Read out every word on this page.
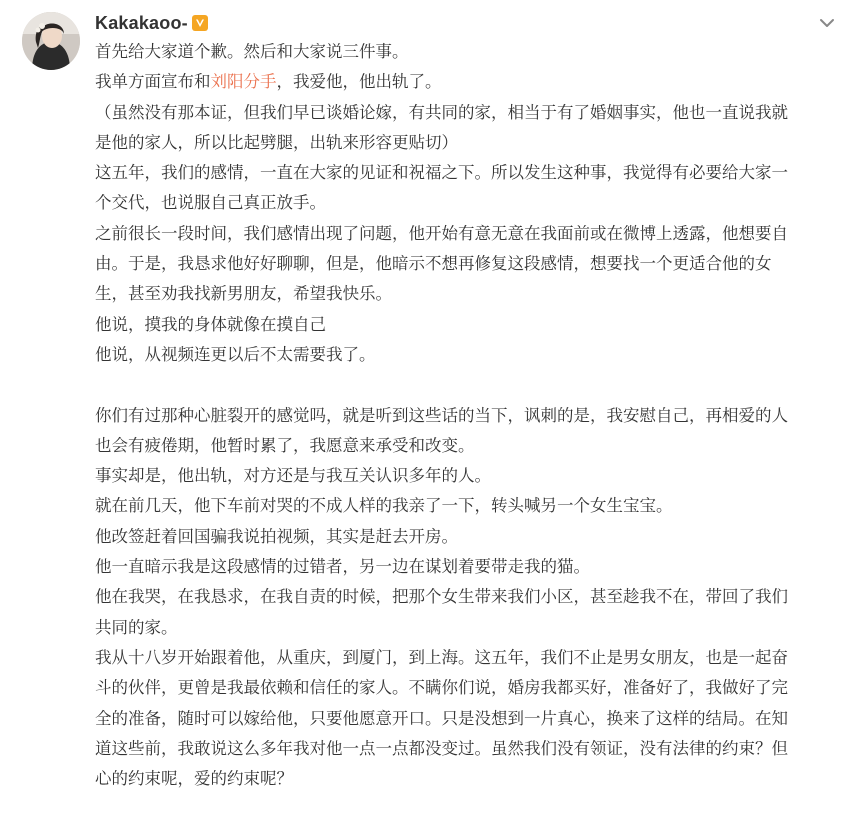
Kakakaoo-
首先给大家道个歉。然后和大家说三件事。
我单方面宣布和刘阳分手，我爱他，他出轨了。
（虽然没有那本证，但我们早已谈婚论嫁，有共同的家，相当于有了婚姻事实，他也一直说我就
是他的家人，所以比起劈腿，出轨来形容更贴切）
这五年，我们的感情，一直在大家的见证和祝福之下。所以发生这种事，我觉得有必要给大家一
个交代，也说服自己真正放手。
之前很长一段时间，我们感情出现了问题，他开始有意无意在我面前或在微博上透露，他想要自
由。于是，我恳求他好好聊聊，但是，他暗示不想再修复这段感情，想要找一个更适合他的女
生，甚至劝我找新男朋友，希望我快乐。
他说，摸我的身体就像在摸自己
他说，从视频连更以后不太需要我了。
你们有过那种心脏裂开的感觉吗，就是听到这些话的当下，讽刺的是，我安慰自己，再相爱的人
也会有疲倦期，他暂时累了，我愿意来承受和改变。
事实却是，他出轨，对方还是与我互关认识多年的人。
就在前几天，他下车前对哭的不成人样的我亲了一下，转头喊另一个女生宝宝。
他改签赶着回国骗我说拍视频，其实是赶去开房。
他一直暗示我是这段感情的过错者，另一边在谋划着要带走我的猫。
他在我哭，在我恳求，在我自责的时候，把那个女生带来我们小区，甚至趁我不在，带回了我们
共同的家。
我从十八岁开始跟着他，从重庆，到厦门，到上海。这五年，我们不止是男女朋友，也是一起奋
斗的伙伴，更曾是我最依赖和信任的家人。不瞒你们说，婚房我都买好，准备好了，我做好了完
全的准备，随时可以嫁给他，只要他愿意开口。只是没想到一片真心，换来了这样的结局。在知
道这些前，我敢说这么多年我对他一点一点都没变过。虽然我们没有领证，没有法律的约束？但
心的约束呢，爱的约束呢？
